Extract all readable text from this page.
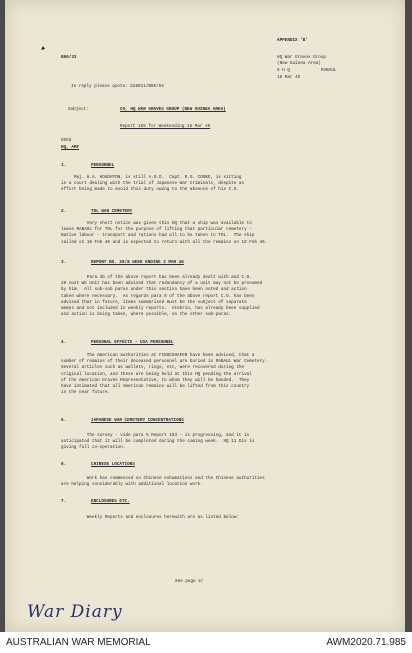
APPENDIX 'B'
B60/33	HQ War Graves Group
(New Guinea Area)
G H Q	RABAUL
16 Mar 46
In reply please quote: G28011/B60/64
Subject:	CO, HQ WAR GRAVES GROUP (NEW GUINEA AREA)
Report 165 for Weekending 16 Mar 46
DGGS
HQ, AMF
1.	PERSONNEL
Maj. H.A. HOUGHTON, is still A.O.D.  Capt. R.S. COOKE, is sitting
in a court dealing with the trial of Japanese War Criminals, despite an
effort being made to avoid this duty owing to the absence of his C.O.
2.	TOL WAR CEMETERY
Very short notice was given this HQ that a ship was available to
leave RABAUL for TOL for the purpose of lifting that particular cemetery -
Native labour - transport and rations had all to be taken to TOL.  The ship
sailed on 10 Feb 46 and is expected to return with all the remains on 19 Feb 46.
3.	REPORT NO. 29/8 WEEK ENDING 2 MAR 46
Para 4b of the above report has been already dealt with and C.O.
29 Aust WG Unit has been advised that redundancy of a unit may not be presumed
by him.  All sub-sub paras under this section have been noted and action
taken where necessary.  As regards para 8 of the above report C.O. has been
advised that in future, items summarised must be the subject of separate
memos and not included in weekly reports.  Atebrin, has already been supplied
and action is being taken, where possible, on the other sub-paras.
4.	PERSONAL EFFECTS - USA PERSONNEL
The American authorities at FINSCHHAFEN have been advised, that a
number of remains of their deceased personnel are buried in RABAUL War Cemetery.
Several articles such as wallets, rings, etc, were recovered during the
original location, and these are being held at this HQ pending the arrival
of the American Graves Representative, to whom they will be handed.  They
have intimated that all American remains will be lifted from this country
in the near future.
5.	JAPANESE WAR CEMETERY CONCENTRATIONS
The survey - vide para 5 Report 163 - is progressing, and it is
anticipated that it will be completed during the coming week.  HQ 11 Div is
giving full co-operation.
6.	CHINESE LOCATIONS
Work has commenced on Chinese exhumations and the Chinese authorities
are helping considerably with additional location work.
7.	ENCLOSURES ETC.
Weekly Reports and enclosures herewith are as listed below:
See page 2/
War Diary
AUSTRALIAN WAR MEMORIAL	AWM2020.71.985
